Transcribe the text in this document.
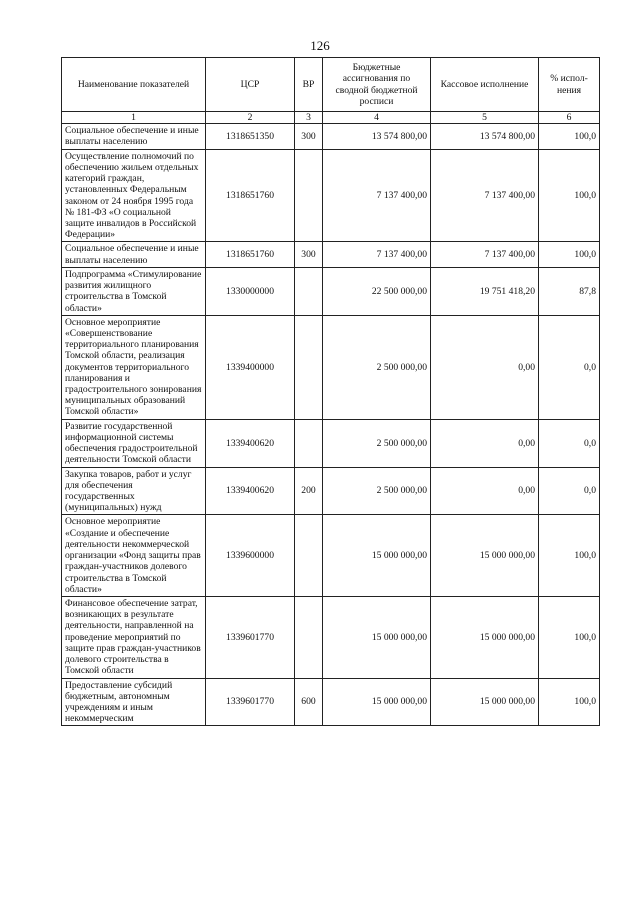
126
Наименование показателей	ЦСР	ВР	Бюджетные ассигнования по сводной бюджетной росписи	Кассовое исполнение	% испол-нения
1	2	3	4	5	6
Социальное обеспечение и иные выплаты населению	1318651350	300	13 574 800,00	13 574 800,00	100,0
Осуществление полномочий по обеспечению жильем отдельных категорий граждан, установленных Федеральным законом от 24 ноября 1995 года № 181-ФЗ «О социальной защите инвалидов в Российской Федерации»	1318651760		7 137 400,00	7 137 400,00	100,0
Социальное обеспечение и иные выплаты населению	1318651760	300	7 137 400,00	7 137 400,00	100,0
Подпрограмма «Стимулирование развития жилищного строительства в Томской области»	1330000000		22 500 000,00	19 751 418,20	87,8
Основное мероприятие «Совершенствование территориального планирования Томской области, реализация документов территориального планирования и градостроительного зонирования муниципальных образований Томской области»	1339400000		2 500 000,00	0,00	0,0
Развитие государственной информационной системы обеспечения градостроительной деятельности Томской области	1339400620		2 500 000,00	0,00	0,0
Закупка товаров, работ и услуг для обеспечения государственных (муниципальных) нужд	1339400620	200	2 500 000,00	0,00	0,0
Основное мероприятие «Создание и обеспечение деятельности некоммерческой организации «Фонд защиты прав граждан-участников долевого строительства в Томской области»	1339600000		15 000 000,00	15 000 000,00	100,0
Финансовое обеспечение затрат, возникающих в результате деятельности, направленной на проведение мероприятий по защите прав граждан-участников долевого строительства в Томской области	1339601770		15 000 000,00	15 000 000,00	100,0
Предоставление субсидий бюджетным, автономным учреждениям и иным некоммерческим	1339601770	600	15 000 000,00	15 000 000,00	100,0
